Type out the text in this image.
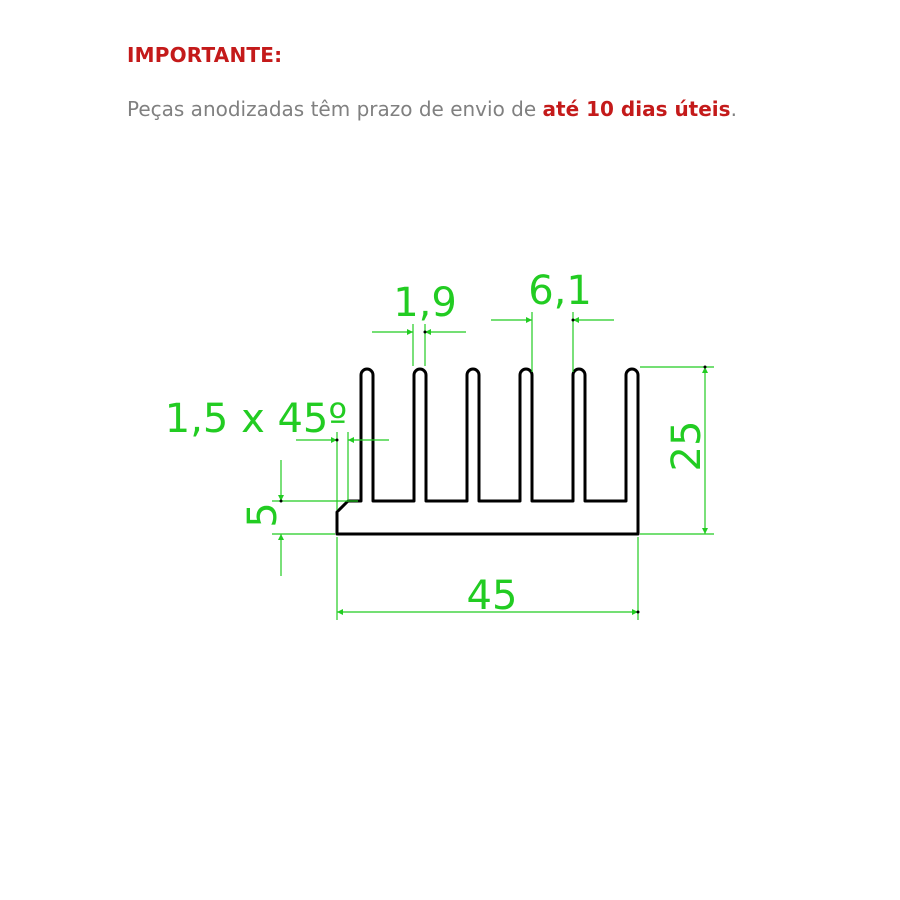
IMPORTANTE:
Peças anodizadas têm prazo de envio de até 10 dias úteis.
1,9 6,1
1,5 x 45º
25
5
45
